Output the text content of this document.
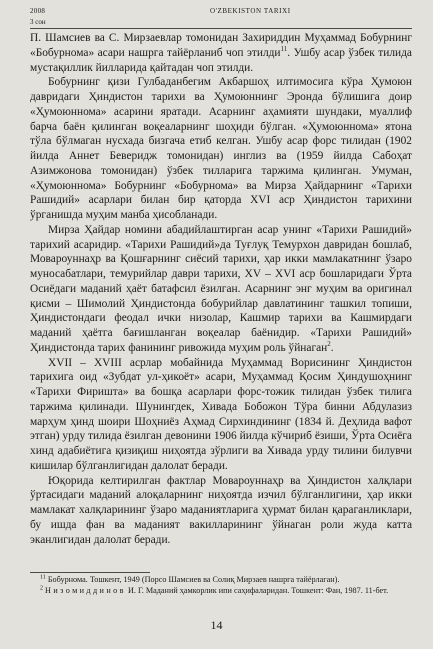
2008
3 сон
O'ZBEKISTON TARIXI

П. Шамсиев ва С. Мирзаевлар томонидан Захириддин Муҳаммад Бобурнинг «Бобурнома» асари нашрга тайёрланиб чоп этилди$^{11}$. Ушбу асар ўзбек тилида мустақиллик йилларида қайтадан чоп этилди.

Бобурнинг қизи Гулбаданбегим Акбаршоҳ илтимосига кўра Ҳумоюн давридаги Ҳиндистон тарихи ва Ҳумоюннинг Эронда бўлишига доир «Ҳумоюннома» асарини яратади. Асарнинг аҳамияти шундаки, муаллиф барча баён қилинган воқеаларнинг шоҳиди бўлган. «Ҳумоюннома» ятона тўла бўлмаган нусхада бизгача етиб келган. Ушбу асар форс тилидан (1902 йилда Аннет Беверидж томонидан) инглиз ва (1959 йилда Сабоҳат Азимжонова томонидан) ўзбек тилларига таржима қилинган. Умуман, «Ҳумоюннома» Бобурнинг «Бобурнома» ва Мирза Ҳайдарнинг «Тарихи Рашидий» асарлари билан бир қаторда XVI аср Ҳиндистон тарихини ўрганишда муҳим манба ҳисобланади.

Мирза Ҳайдар номини абадийлаштирган асар унинг «Тарихи Рашидий» тарихий асаридир. «Тарихи Рашидий»да Туғлуқ Темурхон давридан бошлаб, Мовароуннаҳр ва Қошғарнинг сиёсий тарихи, ҳар икки мамлакатнинг ўзаро муносабатлари, темурийлар даври тарихи, XV – XVI аср бошларидаги Ўрта Осиёдаги маданий ҳаёт батафсил ёзилган. Асарнинг энг муҳим ва оригинал қисми – Шимолий Ҳиндистонда бобурийлар давлатининг ташкил топиши, Ҳиндистондаги феодал ички низолар, Кашмир тарихи ва Кашмирдаги маданий ҳаётга бағишланган воқеалар баёнидир. «Тарихи Рашидий» Ҳиндистонда тарих фанининг ривожида муҳим роль ўйнаган$^2$.

XVII – XVIII асрлар мобайнида Муҳаммад Ворисининг Ҳиндистон тарихига оид «Зубдат ул-ҳикоёт» асари, Муҳаммад Қосим Ҳиндушоҳнинг «Тарихи Фиришта» ва бошқа асарлари форс-тожик тилидан ўзбек тилига таржима қилинади. Шунингдек, Хивада Бобожон Тўра бинни Абдулазиз марҳум ҳинд шоири Шоҳниёз Аҳмад Сирхиндининг (1834 й. Деҳлида вафот этган) урду тилида ёзилган девонини 1906 йилда кўчириб ёзиши, Ўрта Осиёга хинд адабиётига қизиқиш ниҳоятда зўрлиги ва Хивада урду тилини билувчи кишилар бўлганлигидан далолат беради.

Юқорида келтирилган фактлар Мовароуннаҳр ва Ҳиндистон халқлари ўртасидаги маданий алоқаларнинг ниҳоятда изчил бўлганлигини, ҳар икки мамлакат халқларининг ўзаро маданиятларига ҳурмат билан қараганликлари, бу ишда фан ва маданият вакилларининг ўйнаган роли жуда катта эканлигидан далолат беради.

$^{11}$ Бобурнома. Тошкент, 1949 (Порсо Шамсиев ва Солиқ Мирзаев нашрга тайёрлаган).

$^2$ Низомиддинов И. Г. Маданий ҳамкорлик ипи саҳифаларидан. Тошкент: Фан, 1987. 11-бет.

14
